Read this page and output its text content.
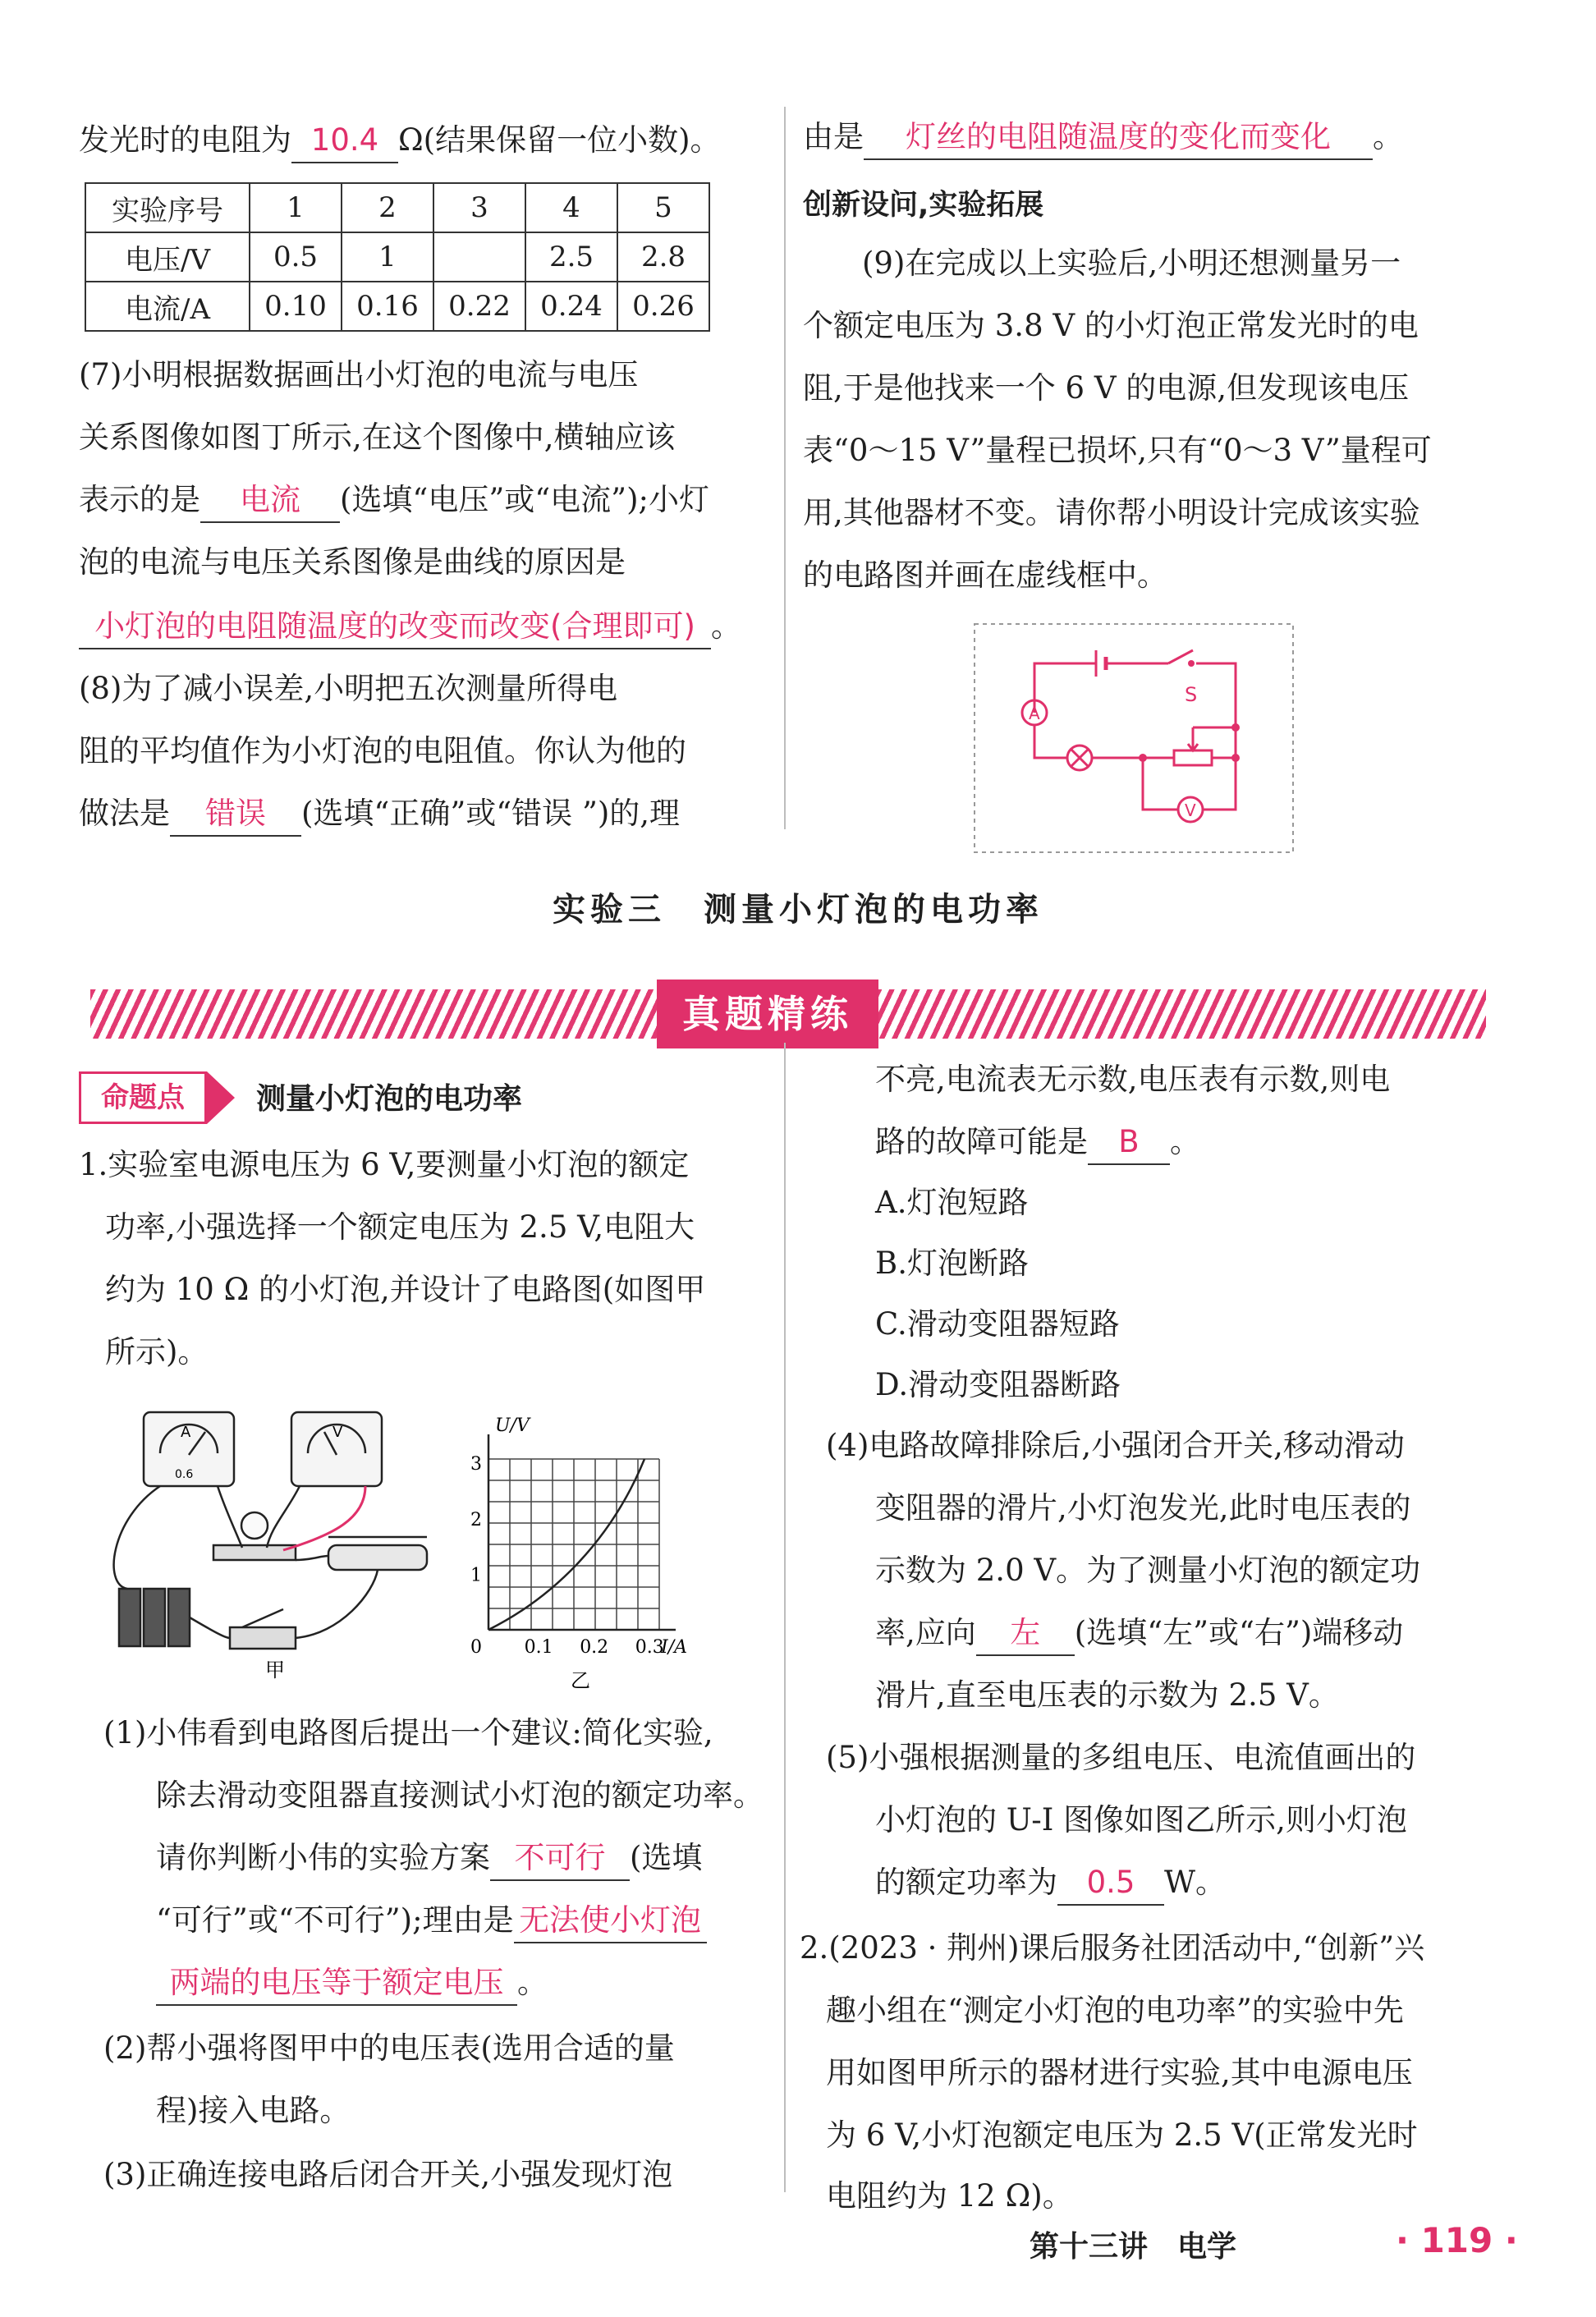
发光时的电阻为 10.4 Ω(结果保留一位小数)。
实验序号	1	2	3	4	5
电压/V	0.5	1		2.5	2.8
电流/A	0.10	0.16	0.22	0.24	0.26
(7)小明根据数据画出小灯泡的电流与电压
关系图像如图丁所示,在这个图像中,横轴应该
表示的是 电流 (选填“电压”或“电流”);小灯
泡的电流与电压关系图像是曲线的原因是
小灯泡的电阻随温度的改变而改变(合理即可) 。
(8)为了减小误差,小明把五次测量所得电
阻的平均值作为小灯泡的电阻值。你认为他的
做法是 错误 (选填“正确”或“错误 ”)的,理
由是 灯丝的电阻随温度的变化而变化 。
创新设问,实验拓展
(9)在完成以上实验后,小明还想测量另一
个额定电压为 3.8 V 的小灯泡正常发光时的电
阻,于是他找来一个 6 V 的电源,但发现该电压
表“0～15 V”量程已损坏,只有“0～3 V”量程可
用,其他器材不变。请你帮小明设计完成该实验
的电路图并画在虚线框中。
S
A
V
实验三　测量小灯泡的电功率
真题精练
命题点	测量小灯泡的电功率
1.实验室电源电压为 6 V,要测量小灯泡的额定
功率,小强选择一个额定电压为 2.5 V,电阻大
约为 10 Ω 的小灯泡,并设计了电路图(如图甲
所示)。
A
0.6
V
甲
U/V
I/A
0
1
2
3
0.1 0.2 0.3
乙
(1)小伟看到电路图后提出一个建议:简化实验,
除去滑动变阻器直接测试小灯泡的额定功率。
请你判断小伟的实验方案 不可行 (选填
“可行”或“不可行”);理由是 无法使小灯泡
两端的电压等于额定电压 。
(2)帮小强将图甲中的电压表(选用合适的量
程)接入电路。
(3)正确连接电路后闭合开关,小强发现灯泡
不亮,电流表无示数,电压表有示数,则电
路的故障可能是 B 。
A.灯泡短路
B.灯泡断路
C.滑动变阻器短路
D.滑动变阻器断路
(4)电路故障排除后,小强闭合开关,移动滑动
变阻器的滑片,小灯泡发光,此时电压表的
示数为 2.0 V。为了测量小灯泡的额定功
率,应向 左 (选填“左”或“右”)端移动
滑片,直至电压表的示数为 2.5 V。
(5)小强根据测量的多组电压、电流值画出的
小灯泡的 U-I 图像如图乙所示,则小灯泡
的额定功率为 0.5 W。
2.(2023 · 荆州)课后服务社团活动中,“创新”兴
趣小组在“测定小灯泡的电功率”的实验中先
用如图甲所示的器材进行实验,其中电源电压
为 6 V,小灯泡额定电压为 2.5 V(正常发光时
电阻约为 12 Ω)。
第十三讲　电学	· 119 ·
